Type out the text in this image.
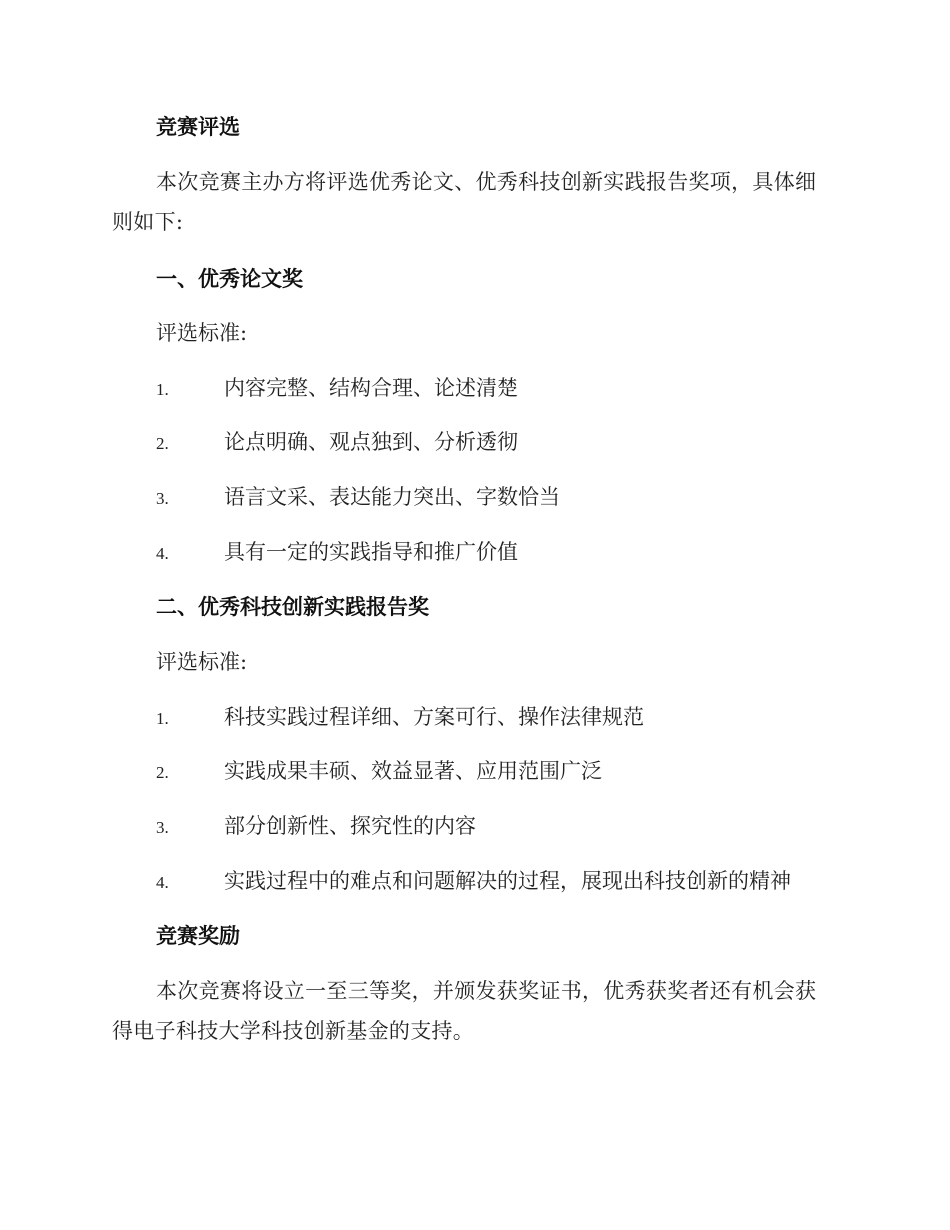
竞赛评选
本次竞赛主办方将评选优秀论文、优秀科技创新实践报告奖项，具体细则如下:
一、优秀论文奖
评选标准:
1.	内容完整、结构合理、论述清楚
2.	论点明确、观点独到、分析透彻
3.	语言文采、表达能力突出、字数恰当
4.	具有一定的实践指导和推广价值
二、优秀科技创新实践报告奖
评选标准:
1.	科技实践过程详细、方案可行、操作法律规范
2.	实践成果丰硕、效益显著、应用范围广泛
3.	部分创新性、探究性的内容
4.	实践过程中的难点和问题解决的过程，展现出科技创新的精神
竞赛奖励
本次竞赛将设立一至三等奖，并颁发获奖证书，优秀获奖者还有机会获得电子科技大学科技创新基金的支持。
